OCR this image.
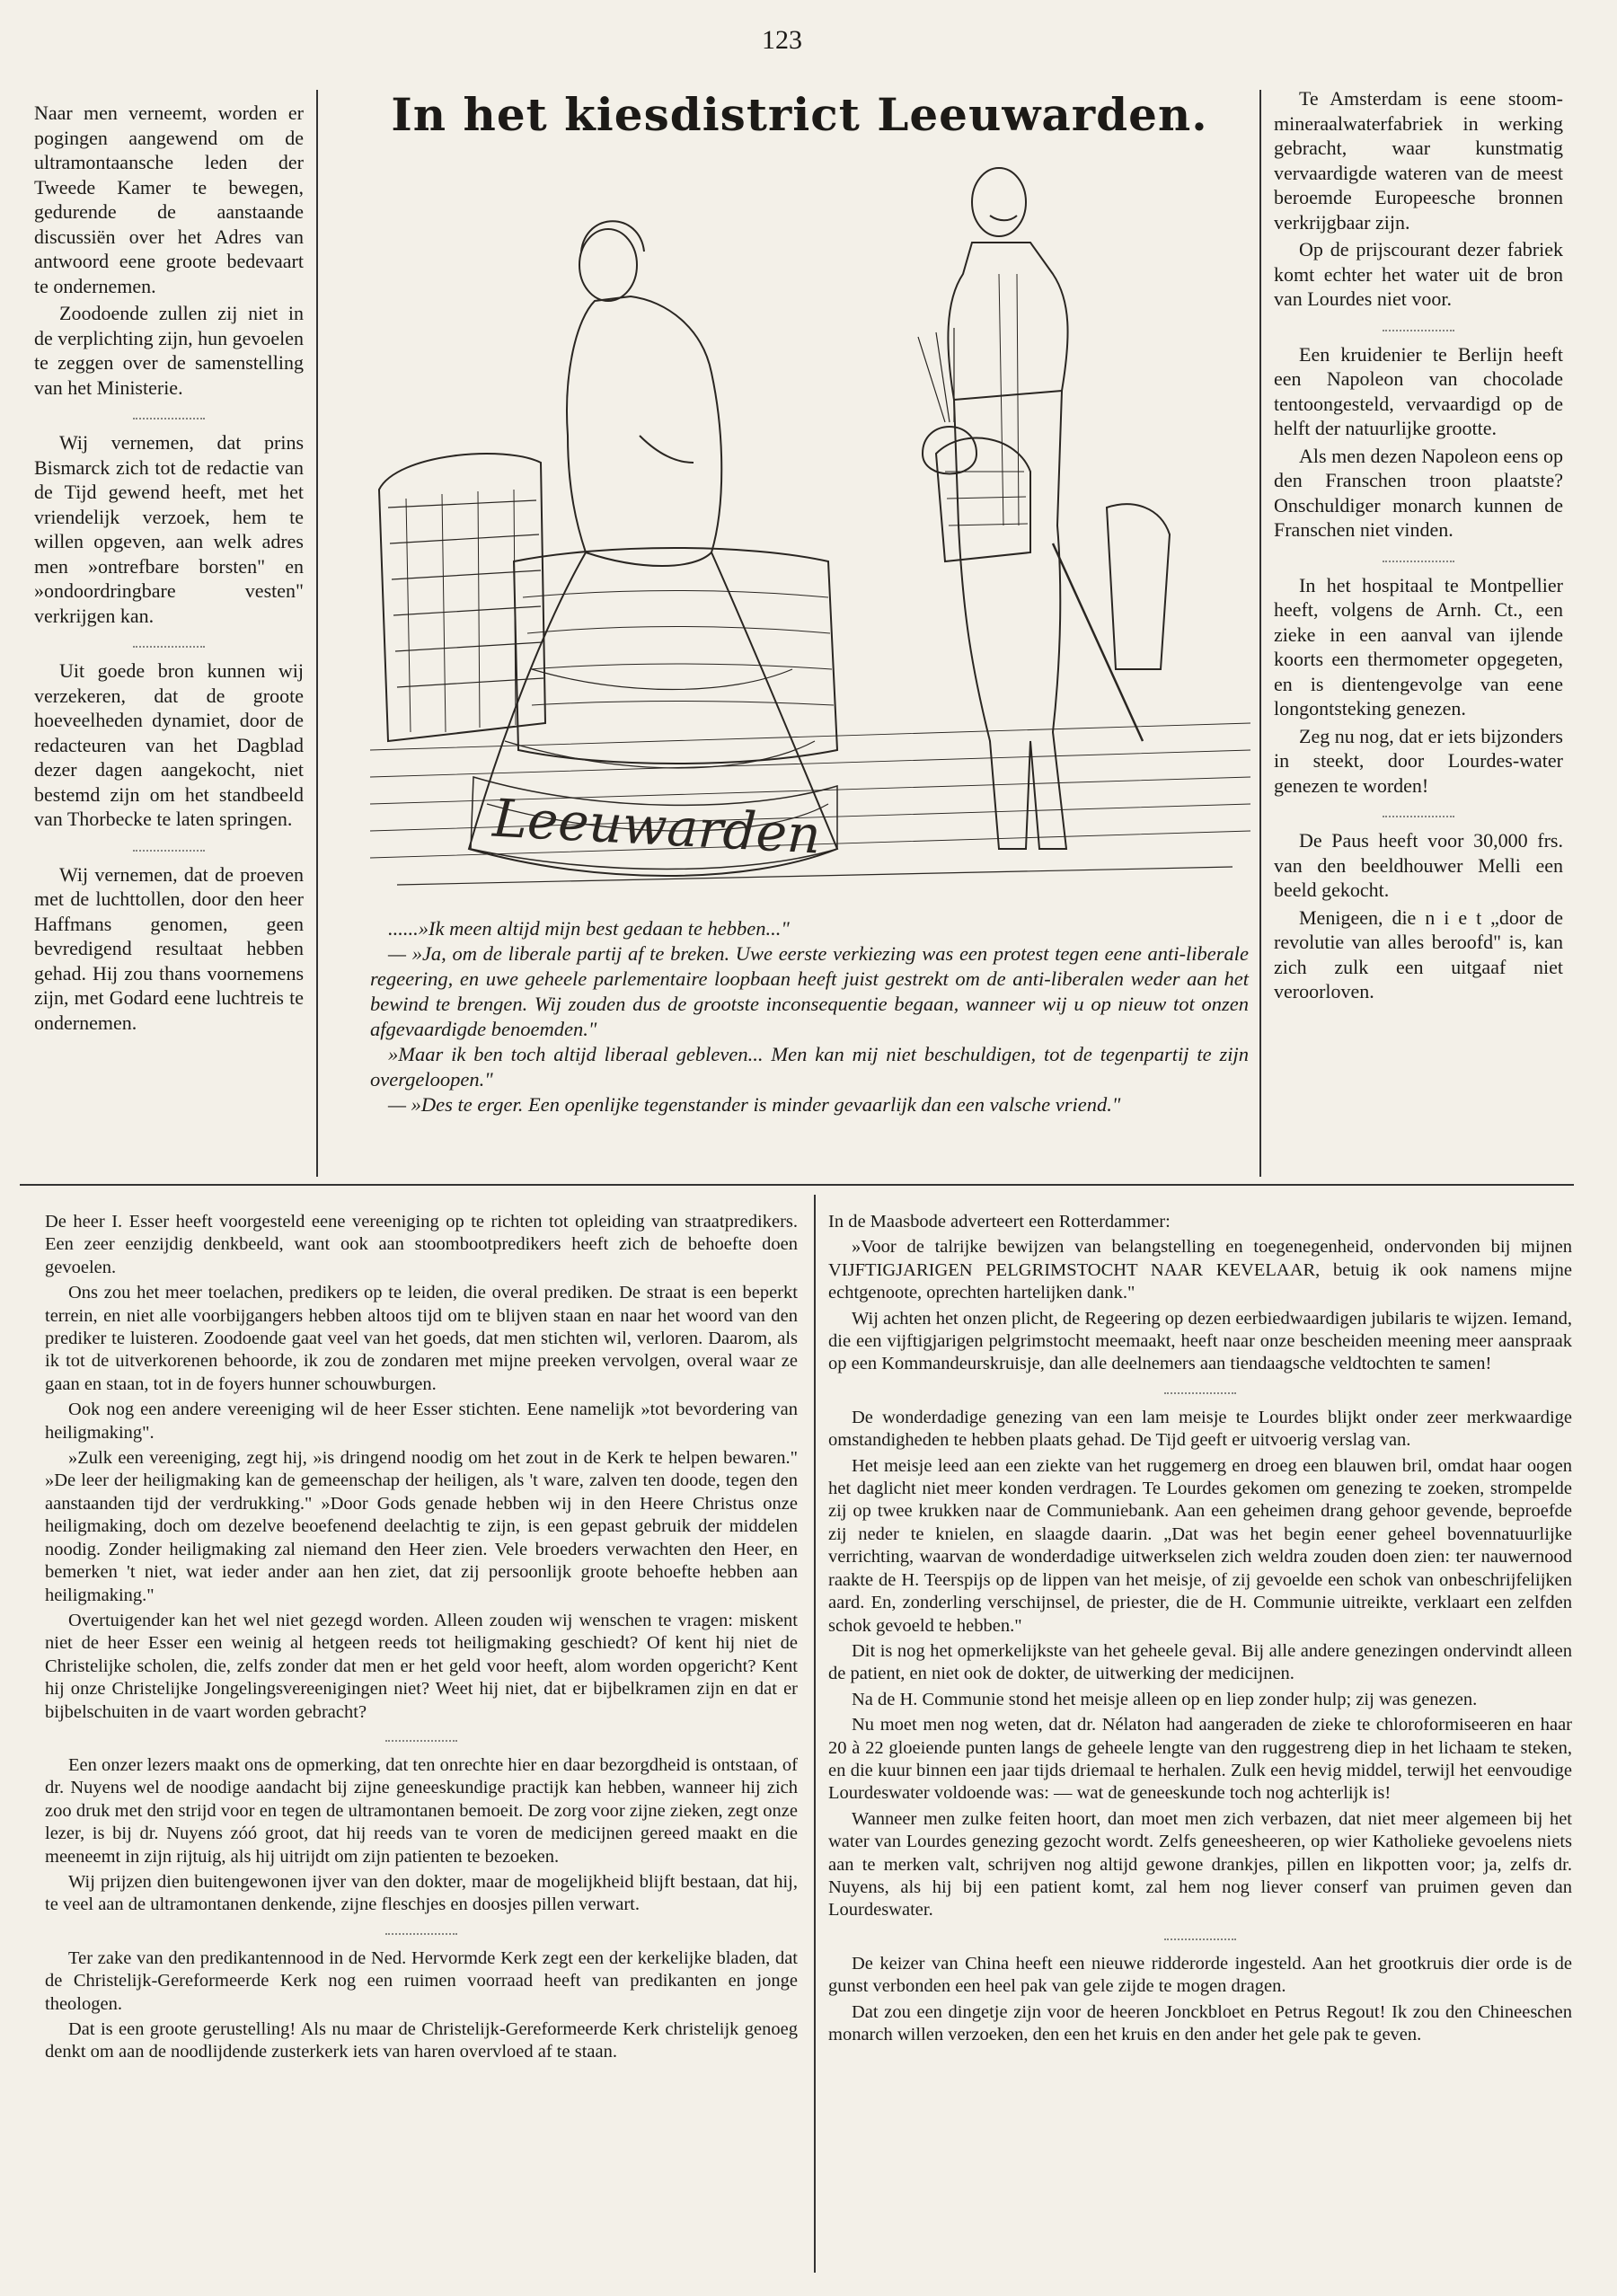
123

Naar men verneemt, worden er pogingen aangewend om de ultramontaansche leden der Tweede Kamer te bewegen, gedurende de aanstaande discussiën over het Adres van antwoord eene groote bedevaart te ondernemen.

Zoodoende zullen zij niet in de verplichting zijn, hun gevoelen te zeggen over de samenstelling van het Ministerie.

Wij vernemen, dat prins Bismarck zich tot de redactie van de Tijd gewend heeft, met het vriendelijk verzoek, hem te willen opgeven, aan welk adres men »ontrefbare borsten" en »ondoordringbare vesten" verkrijgen kan.

Uit goede bron kunnen wij verzekeren, dat de groote hoeveelheden dynamiet, door de redacteuren van het Dagblad dezer dagen aangekocht, niet bestemd zijn om het standbeeld van Thorbecke te laten springen.

Wij vernemen, dat de proeven met de luchttollen, door den heer Haffmans genomen, geen bevredigend resultaat hebben gehad. Hij zou thans voornemens zijn, met Godard eene luchtreis te ondernemen.

In het kiesdistrict Leeuwarden.
Leeuwarden

......»Ik meen altijd mijn best gedaan te hebben..."

— »Ja, om de liberale partij af te breken. Uwe eerste verkiezing was een protest tegen eene anti-liberale regeering, en uwe geheele parlementaire loopbaan heeft juist gestrekt om de anti-liberalen weder aan het bewind te brengen. Wij zouden dus de grootste inconsequentie begaan, wanneer wij u op nieuw tot onzen afgevaardigde benoemden."

»Maar ik ben toch altijd liberaal gebleven... Men kan mij niet beschuldigen, tot de tegenpartij te zijn overgeloopen."

— »Des te erger. Een openlijke tegenstander is minder gevaarlijk dan een valsche vriend."

Te Amsterdam is eene stoom-mineraalwaterfabriek in werking gebracht, waar kunstmatig vervaardigde wateren van de meest beroemde Europeesche bronnen verkrijgbaar zijn.

Op de prijscourant dezer fabriek komt echter het water uit de bron van Lourdes niet voor.

Een kruidenier te Berlijn heeft een Napoleon van chocolade tentoongesteld, vervaardigd op de helft der natuurlijke grootte.

Als men dezen Napoleon eens op den Franschen troon plaatste? Onschuldiger monarch kunnen de Franschen niet vinden.

In het hospitaal te Montpellier heeft, volgens de Arnh. Ct., een zieke in een aanval van ijlende koorts een thermometer opgegeten, en is dientengevolge van eene longontsteking genezen.

Zeg nu nog, dat er iets bijzonders in steekt, door Lourdes-water genezen te worden!

De Paus heeft voor 30,000 frs. van den beeldhouwer Melli een beeld gekocht.

Menigeen, die n i e t „door de revolutie van alles beroofd" is, kan zich zulk een uitgaaf niet veroorloven.

De heer I. Esser heeft voorgesteld eene vereeniging op te richten tot opleiding van straatpredikers. Een zeer eenzijdig denkbeeld, want ook aan stoombootpredikers heeft zich de behoefte doen gevoelen.

Ons zou het meer toelachen, predikers op te leiden, die overal prediken. De straat is een beperkt terrein, en niet alle voorbijgangers hebben altoos tijd om te blijven staan en naar het woord van den prediker te luisteren. Zoodoende gaat veel van het goeds, dat men stichten wil, verloren. Daarom, als ik tot de uitverkorenen behoorde, ik zou de zondaren met mijne preeken vervolgen, overal waar ze gaan en staan, tot in de foyers hunner schouwburgen.

Ook nog een andere vereeniging wil de heer Esser stichten. Eene namelijk »tot bevordering van heiligmaking".

»Zulk een vereeniging, zegt hij, »is dringend noodig om het zout in de Kerk te helpen bewaren." »De leer der heiligmaking kan de gemeenschap der heiligen, als 't ware, zalven ten doode, tegen den aanstaanden tijd der verdrukking." »Door Gods genade hebben wij in den Heere Christus onze heiligmaking, doch om dezelve beoefenend deelachtig te zijn, is een gepast gebruik der middelen noodig. Zonder heiligmaking zal niemand den Heer zien. Vele broeders verwachten den Heer, en bemerken 't niet, wat ieder ander aan hen ziet, dat zij persoonlijk groote behoefte hebben aan heiligmaking."

Overtuigender kan het wel niet gezegd worden. Alleen zouden wij wenschen te vragen: miskent niet de heer Esser een weinig al hetgeen reeds tot heiligmaking geschiedt? Of kent hij niet de Christelijke scholen, die, zelfs zonder dat men er het geld voor heeft, alom worden opgericht? Kent hij onze Christelijke Jongelingsvereenigingen niet? Weet hij niet, dat er bijbelkramen zijn en dat er bijbelschuiten in de vaart worden gebracht?

Een onzer lezers maakt ons de opmerking, dat ten onrechte hier en daar bezorgdheid is ontstaan, of dr. Nuyens wel de noodige aandacht bij zijne geneeskundige practijk kan hebben, wanneer hij zich zoo druk met den strijd voor en tegen de ultramontanen bemoeit. De zorg voor zijne zieken, zegt onze lezer, is bij dr. Nuyens zóó groot, dat hij reeds van te voren de medicijnen gereed maakt en die meeneemt in zijn rijtuig, als hij uitrijdt om zijn patienten te bezoeken.

Wij prijzen dien buitengewonen ijver van den dokter, maar de mogelijkheid blijft bestaan, dat hij, te veel aan de ultramontanen denkende, zijne fleschjes en doosjes pillen verwart.

Ter zake van den predikantennood in de Ned. Hervormde Kerk zegt een der kerkelijke bladen, dat de Christelijk-Gereformeerde Kerk nog een ruimen voorraad heeft van predikanten en jonge theologen.

Dat is een groote gerustelling! Als nu maar de Christelijk-Gereformeerde Kerk christelijk genoeg denkt om aan de noodlijdende zusterkerk iets van haren overvloed af te staan.

In de Maasbode adverteert een Rotterdammer:

»Voor de talrijke bewijzen van belangstelling en toegenegenheid, ondervonden bij mijnen VIJFTIGJARIGEN PELGRIMSTOCHT NAAR KEVELAAR, betuig ik ook namens mijne echtgenoote, oprechten hartelijken dank."

Wij achten het onzen plicht, de Regeering op dezen eerbiedwaardigen jubilaris te wijzen. Iemand, die een vijftigjarigen pelgrimstocht meemaakt, heeft naar onze bescheiden meening meer aanspraak op een Kommandeurskruisje, dan alle deelnemers aan tiendaagsche veldtochten te samen!

De wonderdadige genezing van een lam meisje te Lourdes blijkt onder zeer merkwaardige omstandigheden te hebben plaats gehad. De Tijd geeft er uitvoerig verslag van.

Het meisje leed aan een ziekte van het ruggemerg en droeg een blauwen bril, omdat haar oogen het daglicht niet meer konden verdragen. Te Lourdes gekomen om genezing te zoeken, strompelde zij op twee krukken naar de Communiebank. Aan een geheimen drang gehoor gevende, beproefde zij neder te knielen, en slaagde daarin. „Dat was het begin eener geheel bovennatuurlijke verrichting, waarvan de wonderdadige uitwerkselen zich weldra zouden doen zien: ter nauwernood raakte de H. Teerspijs op de lippen van het meisje, of zij gevoelde een schok van onbeschrijfelijken aard. En, zonderling verschijnsel, de priester, die de H. Communie uitreikte, verklaart een zelfden schok gevoeld te hebben."

Dit is nog het opmerkelijkste van het geheele geval. Bij alle andere genezingen ondervindt alleen de patient, en niet ook de dokter, de uitwerking der medicijnen.

Na de H. Communie stond het meisje alleen op en liep zonder hulp; zij was genezen.

Nu moet men nog weten, dat dr. Nélaton had aangeraden de zieke te chloroformiseeren en haar 20 à 22 gloeiende punten langs de geheele lengte van den ruggestreng diep in het lichaam te steken, en die kuur binnen een jaar tijds driemaal te herhalen. Zulk een hevig middel, terwijl het eenvoudige Lourdeswater voldoende was: — wat de geneeskunde toch nog achterlijk is!

Wanneer men zulke feiten hoort, dan moet men zich verbazen, dat niet meer algemeen bij het water van Lourdes genezing gezocht wordt. Zelfs geneesheeren, op wier Katholieke gevoelens niets aan te merken valt, schrijven nog altijd gewone drankjes, pillen en likpotten voor; ja, zelfs dr. Nuyens, als hij bij een patient komt, zal hem nog liever conserf van pruimen geven dan Lourdeswater.

De keizer van China heeft een nieuwe ridderorde ingesteld. Aan het grootkruis dier orde is de gunst verbonden een heel pak van gele zijde te mogen dragen.

Dat zou een dingetje zijn voor de heeren Jonckbloet en Petrus Regout! Ik zou den Chineeschen monarch willen verzoeken, den een het kruis en den ander het gele pak te geven.
